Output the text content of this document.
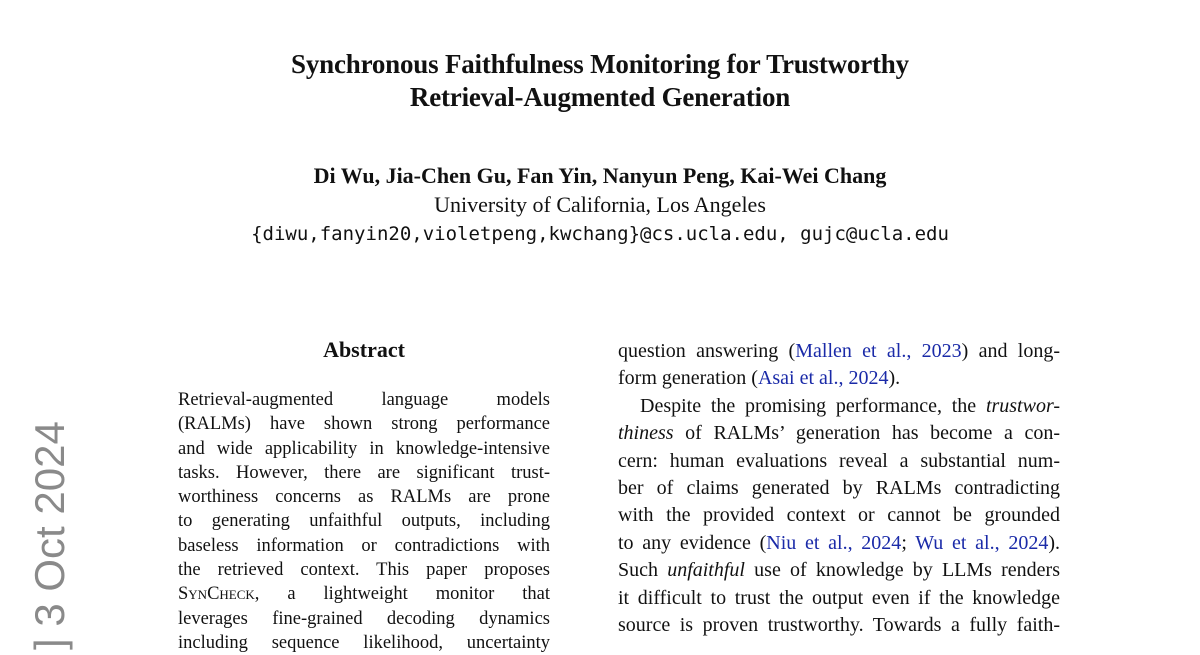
Synchronous Faithfulness Monitoring for Trustworthy
Retrieval-Augmented Generation
Di Wu, Jia-Chen Gu, Fan Yin, Nanyun Peng, Kai-Wei Chang
University of California, Los Angeles
{diwu,fanyin20,violetpeng,kwchang}@cs.ucla.edu, gujc@ucla.edu
Abstract
Retrieval-augmented language models
(RALMs) have shown strong performance
and wide applicability in knowledge-intensive
tasks. However, there are significant trust-
worthiness concerns as RALMs are prone
to generating unfaithful outputs, including
baseless information or contradictions with
the retrieved context. This paper proposes
SynCheck, a lightweight monitor that
leverages fine-grained decoding dynamics
including sequence likelihood, uncertainty
question answering (Mallen et al., 2023) and long-
form generation (Asai et al., 2024).
Despite the promising performance, the trustwor-
thiness of RALMs’ generation has become a con-
cern: human evaluations reveal a substantial num-
ber of claims generated by RALMs contradicting
with the provided context or cannot be grounded
to any evidence (Niu et al., 2024; Wu et al., 2024).
Such unfaithful use of knowledge by LLMs renders
it difficult to trust the output even if the knowledge
source is proven trustworthy. Towards a fully faith-
] 3 Oct 2024
